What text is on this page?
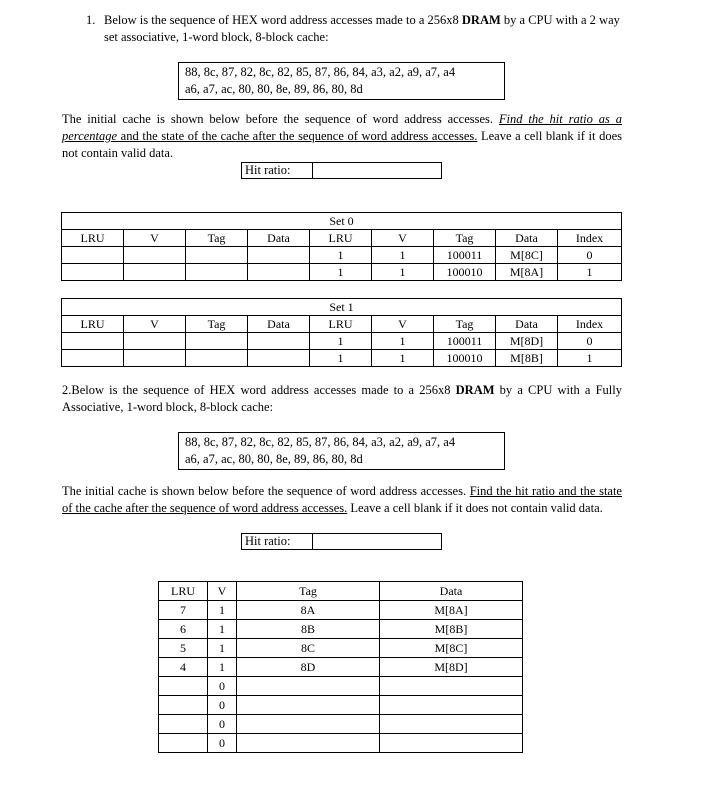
1. Below is the sequence of HEX word address accesses made to a 256x8 DRAM by a CPU with a 2 way set associative, 1-word block, 8-block cache:
88, 8c, 87, 82, 8c, 82, 85, 87, 86, 84, a3, a2, a9, a7, a4
a6, a7, ac, 80, 80, 8e, 89, 86, 80, 8d
The initial cache is shown below before the sequence of word address accesses. Find the hit ratio as a percentage and the state of the cache after the sequence of word address accesses. Leave a cell blank if it does not contain valid data.
Hit ratio:
Set 0								
LRU	V	Tag	Data	LRU	V	Tag	Data	Index
				1	1	100011	M[8C]	0
				1	1	100010	M[8A]	1
Set 1								
LRU	V	Tag	Data	LRU	V	Tag	Data	Index
				1	1	100011	M[8D]	0
				1	1	100010	M[8B]	1
2.Below is the sequence of HEX word address accesses made to a 256x8 DRAM by a CPU with a Fully Associative, 1-word block, 8-block cache:
88, 8c, 87, 82, 8c, 82, 85, 87, 86, 84, a3, a2, a9, a7, a4
a6, a7, ac, 80, 80, 8e, 89, 86, 80, 8d
The initial cache is shown below before the sequence of word address accesses. Find the hit ratio and the state of the cache after the sequence of word address accesses. Leave a cell blank if it does not contain valid data.
Hit ratio:
LRU	V	Tag	Data
7	1	8A	M[8A]
6	1	8B	M[8B]
5	1	8C	M[8C]
4	1	8D	M[8D]
	0		
	0		
	0		
	0		
